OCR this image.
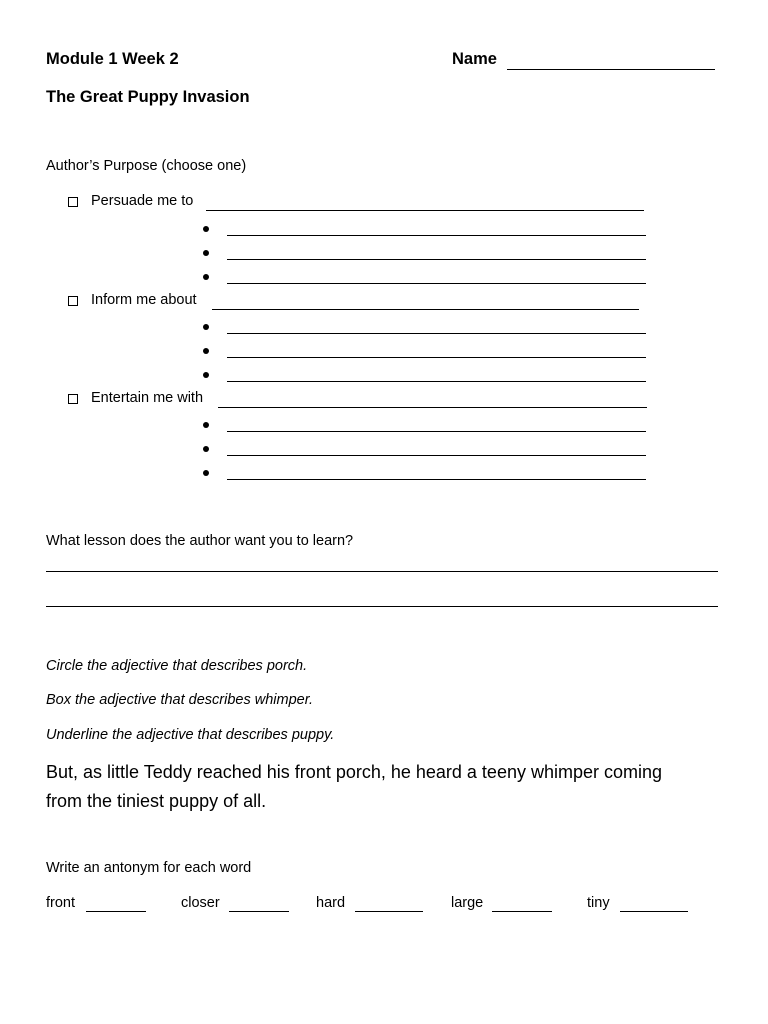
Module 1 Week 2	Name
The Great Puppy Invasion
Author’s Purpose (choose one)
Persuade me to
Inform me about
Entertain me with
What lesson does the author want you to learn?
Circle the adjective that describes porch.
Box the adjective that describes whimper.
Underline the adjective that describes puppy.
But, as little Teddy reached his front porch, he heard a teeny whimper coming
from the tiniest puppy of all.
Write an antonym for each word
front	closer	hard	large	tiny
